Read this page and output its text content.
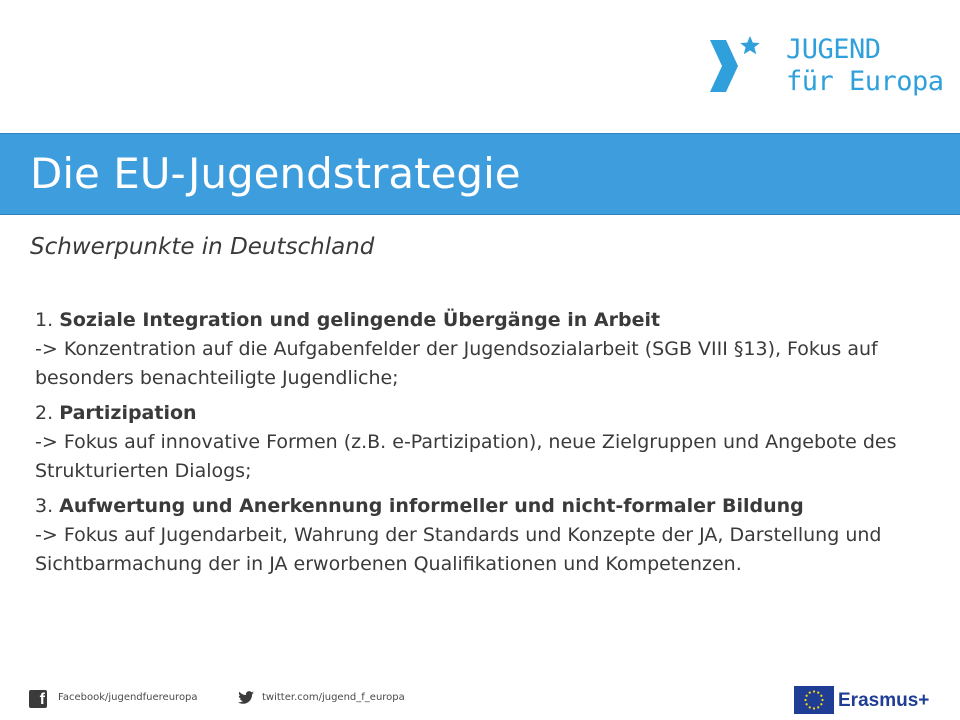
JUGEND
für Europa
Die EU-Jugendstrategie
Schwerpunkte in Deutschland
1. Soziale Integration und gelingende Übergänge in Arbeit
-> Konzentration auf die Aufgabenfelder der Jugendsozialarbeit (SGB VIII §13), Fokus auf besonders benachteiligte Jugendliche;
2. Partizipation
-> Fokus auf innovative Formen (z.B. e-Partizipation), neue Zielgruppen und Angebote des Strukturierten Dialogs;
3. Aufwertung und Anerkennung informeller und nicht-formaler Bildung
-> Fokus auf Jugendarbeit, Wahrung der Standards und Konzepte der JA, Darstellung und Sichtbarmachung der in JA erworbenen Qualifikationen und Kompetenzen.
f Facebook/jugendfuereuropa	twitter.com/jugend_f_europa	Erasmus+
